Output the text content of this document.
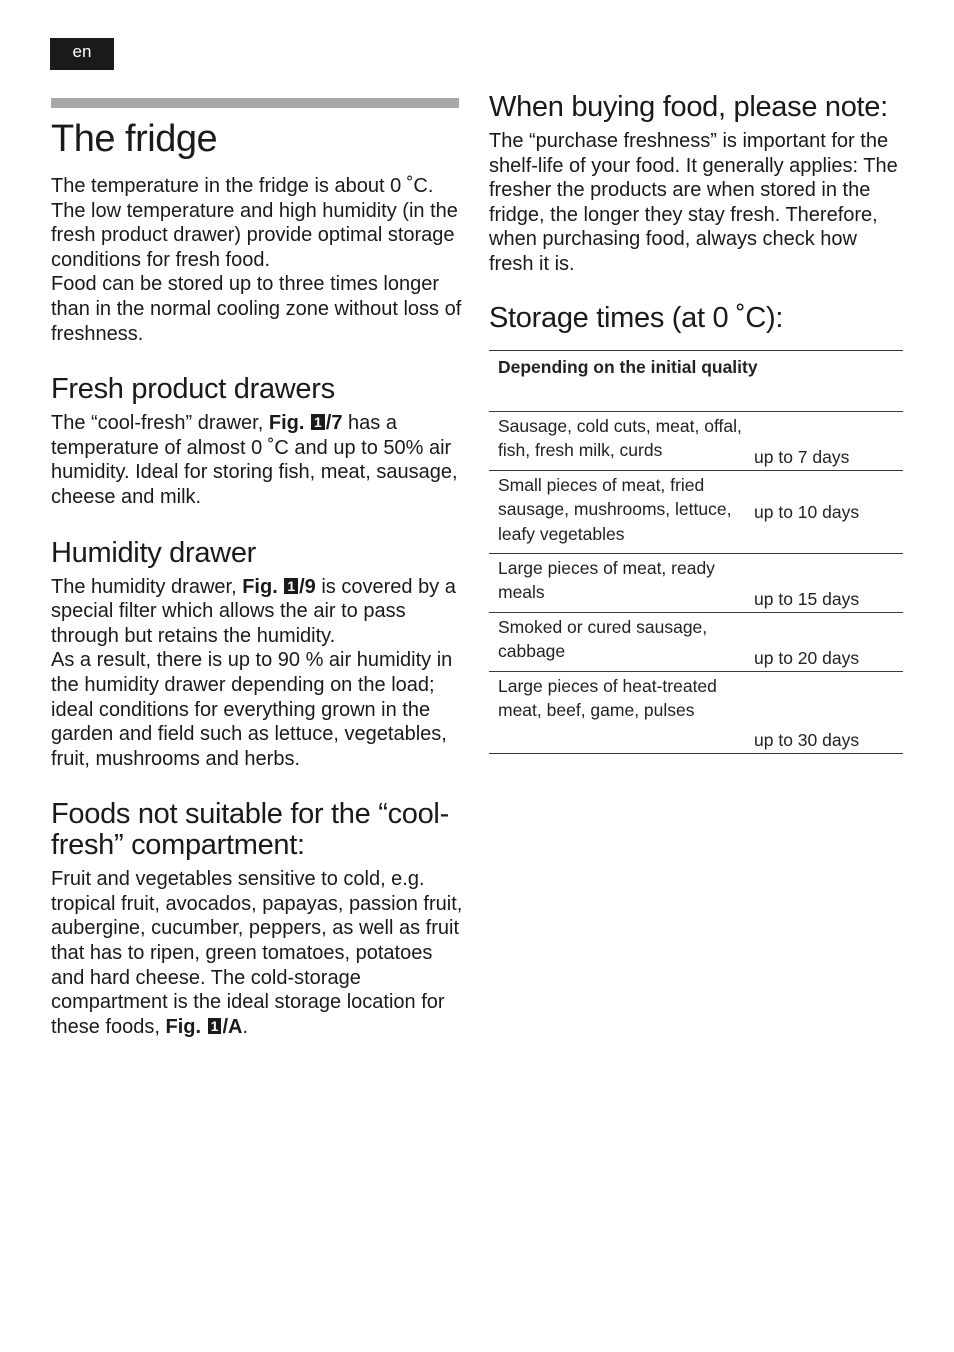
en
The fridge

The temperature in the fridge is about 0 ˚C. The low temperature and high humidity (in the fresh product drawer) provide optimal storage conditions for fresh food.

Food can be stored up to three times longer than in the normal cooling zone without loss of freshness.

Fresh product drawers

The “cool-fresh” drawer, Fig. 1 /7 has a temperature of almost 0 ˚C and up to 50% air humidity. Ideal for storing fish, meat, sausage, cheese and milk.

Humidity drawer

The humidity drawer, Fig. 1 /9 is covered by a special filter which allows the air to pass through but retains the humidity.

As a result, there is up to 90 % air humidity in the humidity drawer depending on the load; ideal conditions for everything grown in the garden and field such as lettuce, vegetables, fruit, mushrooms and herbs.

Foods not suitable for the “cool-fresh” compartment:

Fruit and vegetables sensitive to cold, e.g. tropical fruit, avocados, papayas, passion fruit, aubergine, cucumber, peppers, as well as fruit that has to ripen, green tomatoes, potatoes and hard cheese. The cold-storage compartment is the ideal storage location for these foods, Fig. 1 /A.

When buying food, please note:

The “purchase freshness” is important for the shelf-life of your food. It generally applies: The fresher the products are when stored in the fridge, the longer they stay fresh. Therefore, when purchasing food, always check how fresh it is.

Storage times (at 0 ˚C):
Depending on the initial quality	
Sausage, cold cuts, meat, offal, fish, fresh milk, curds	up to 7 days
Small pieces of meat, fried sausage, mushrooms, lettuce, leafy vegetables	up to 10 days
Large pieces of meat, ready meals	up to 15 days
Smoked or cured sausage, cabbage	up to 20 days
Large pieces of heat-treated meat, beef, game, pulses	up to 30 days
